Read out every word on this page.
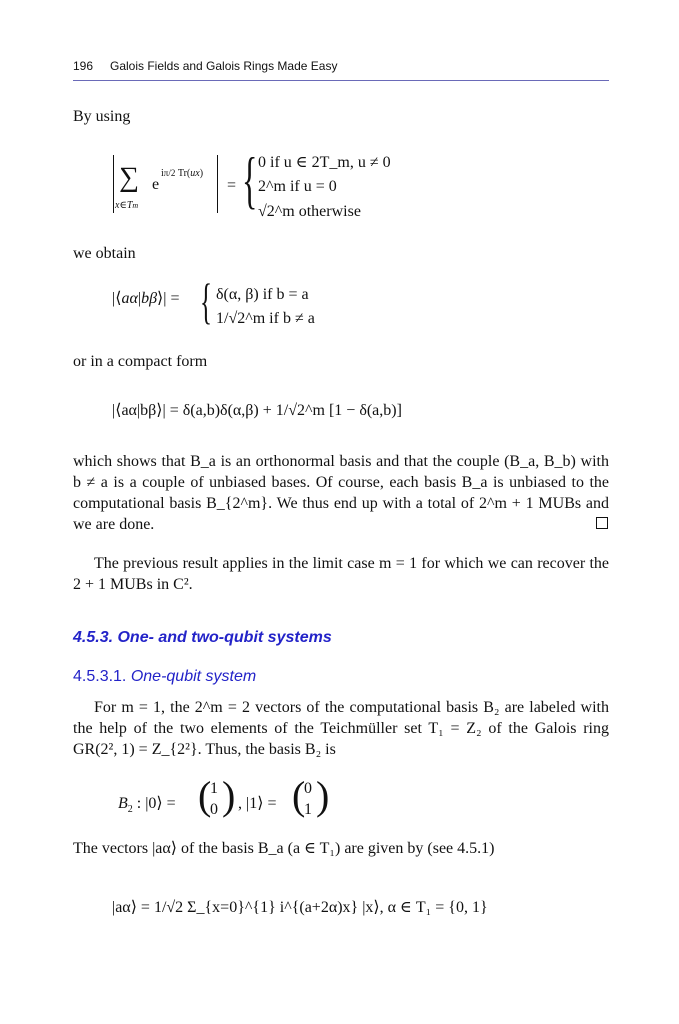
196 Galois Fields and Galois Rings Made Easy

By using

∑
x∈Tm
e
iπ/2 Tr(ux)
= { 0 if u ∈ 2T_m, u ≠ 0
2^m if u = 0
√2^m otherwise

we obtain

|⟨aα|bβ⟩| = { δ(α, β) if b = a
1/√2^m if b ≠ a

or in a compact form

|⟨aα|bβ⟩| = δ(a,b)δ(α,β) + 1/√2^m [1 − δ(a,b)]

which shows that B_a is an orthonormal basis and that the couple (B_a, B_b) with b ≠ a is a couple of unbiased bases. Of course, each basis B_a is unbiased to the computational basis B_{2^m}. We thus end up with a total of 2^m + 1 MUBs and we are done.

The previous result applies in the limit case m = 1 for which we can recover the 2 + 1 MUBs in C².

4.5.3. One- and two-qubit systems
4.5.3.1. One-qubit system

For m = 1, the 2^m = 2 vectors of the computational basis B₂ are labeled with the help of the two elements of the Teichmüller set T₁ = Z₂ of the Galois ring GR(2², 1) = Z_{2²}. Thus, the basis B₂ is

$B_2$ : |0⟩ = (
1
0 ) , |1⟩ = (
0
1 )

The vectors |aα⟩ of the basis B_a (a ∈ T₁) are given by (see 4.5.1)

|aα⟩ = 1/√2 Σ_{x=0}^{1} i^{(a+2α)x} |x⟩, α ∈ T₁ = {0, 1}
